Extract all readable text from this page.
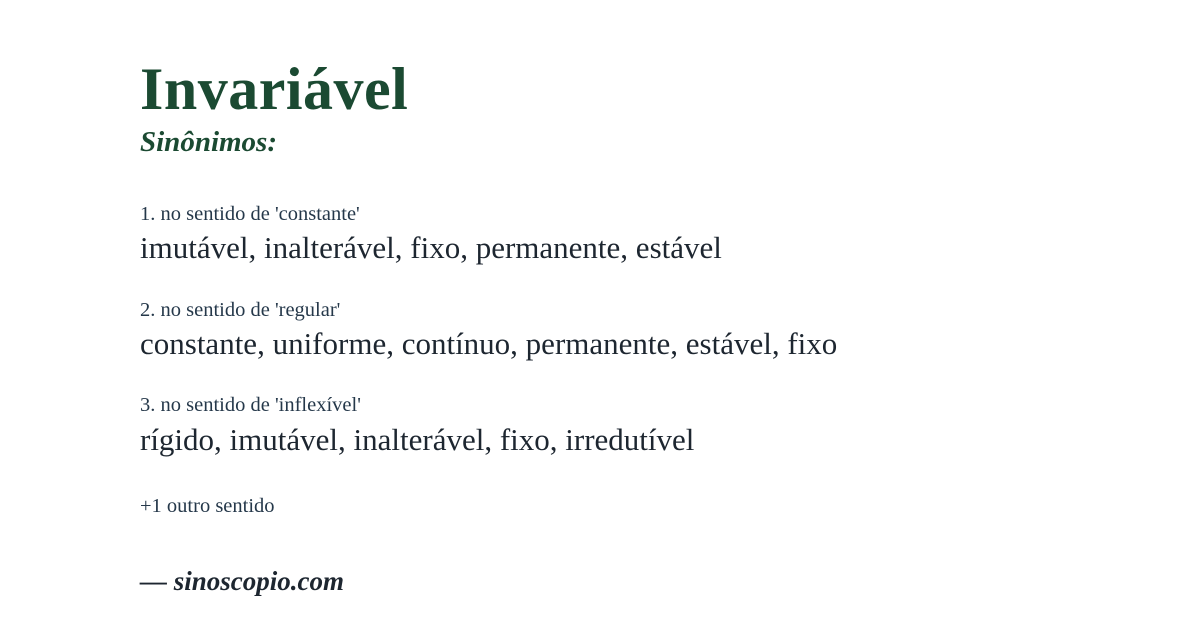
Invariável
Sinônimos:

1. no sentido de 'constante'

imutável, inalterável, fixo, permanente, estável

2. no sentido de 'regular'

constante, uniforme, contínuo, permanente, estável, fixo

3. no sentido de 'inflexível'

rígido, imutável, inalterável, fixo, irredutível

+1 outro sentido

— sinoscopio.com
